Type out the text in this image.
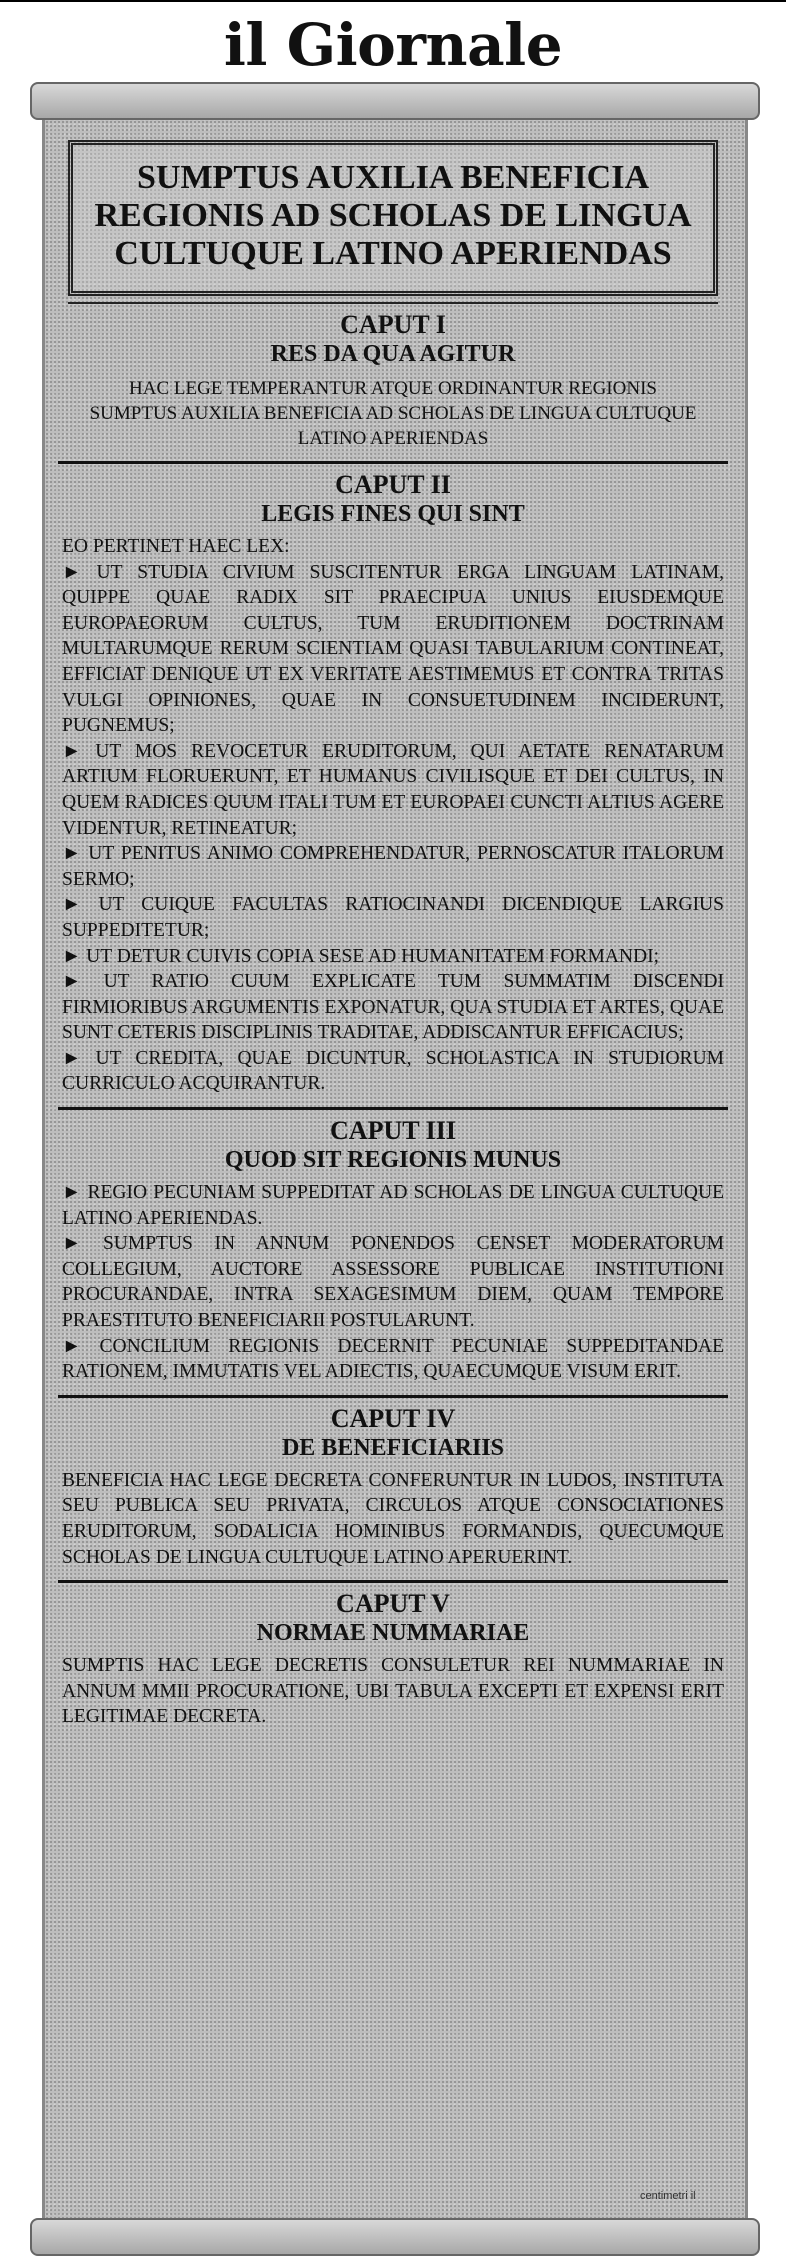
il Giornale
SUMPTUS AUXILIA BENEFICIA REGIONIS AD SCHOLAS DE LINGUA CULTUQUE LATINO APERIENDAS
CAPUT I
RES DA QUA AGITUR
HAC LEGE TEMPERANTUR ATQUE ORDINANTUR REGIONIS SUMPTUS AUXILIA BENEFICIA AD SCHOLAS DE LINGUA CULTUQUE LATINO APERIENDAS
CAPUT II
LEGIS FINES QUI SINT

EO PERTINET HAEC LEX:

► UT STUDIA CIVIUM SUSCITENTUR ERGA LINGUAM LATINAM, QUIPPE QUAE RADIX SIT PRAECIPUA UNIUS EIUSDEMQUE EUROPAEORUM CULTUS, TUM ERUDITIONEM DOCTRINAM MULTARUMQUE RERUM SCIENTIAM QUASI TABULARIUM CONTINEAT, EFFICIAT DENIQUE UT EX VERITATE AESTIMEMUS ET CONTRA TRITAS VULGI OPINIONES, QUAE IN CONSUETUDINEM INCIDERUNT, PUGNEMUS;

► UT MOS REVOCETUR ERUDITORUM, QUI AETATE RENATARUM ARTIUM FLORUERUNT, ET HUMANUS CIVILISQUE ET DEI CULTUS, IN QUEM RADICES QUUM ITALI TUM ET EUROPAEI CUNCTI ALTIUS AGERE VIDENTUR, RETINEATUR;

► UT PENITUS ANIMO COMPREHENDATUR, PERNOSCATUR ITALORUM SERMO;

► UT CUIQUE FACULTAS RATIOCINANDI DICENDIQUE LARGIUS SUPPEDITETUR;

► UT DETUR CUIVIS COPIA SESE AD HUMANITATEM FORMANDI;

► UT RATIO CUUM EXPLICATE TUM SUMMATIM DISCENDI FIRMIORIBUS ARGUMENTIS EXPONATUR, QUA STUDIA ET ARTES, QUAE SUNT CETERIS DISCIPLINIS TRADITAE, ADDISCANTUR EFFICACIUS;

► UT CREDITA, QUAE DICUNTUR, SCHOLASTICA IN STUDIORUM CURRICULO ACQUIRANTUR.

CAPUT III
QUOD SIT REGIONIS MUNUS

► REGIO PECUNIAM SUPPEDITAT AD SCHOLAS DE LINGUA CULTUQUE LATINO APERIENDAS.

► SUMPTUS IN ANNUM PONENDOS CENSET MODERATORUM COLLEGIUM, AUCTORE ASSESSORE PUBLICAE INSTITUTIONI PROCURANDAE, INTRA SEXAGESIMUM DIEM, QUAM TEMPORE PRAESTITUTO BENEFICIARII POSTULARUNT.

► CONCILIUM REGIONIS DECERNIT PECUNIAE SUPPEDITANDAE RATIONEM, IMMUTATIS VEL ADIECTIS, QUAECUMQUE VISUM ERIT.

CAPUT IV
DE BENEFICIARIIS

BENEFICIA HAC LEGE DECRETA CONFERUNTUR IN LUDOS, INSTITUTA SEU PUBLICA SEU PRIVATA, CIRCULOS ATQUE CONSOCIATIONES ERUDITORUM, SODALICIA HOMINIBUS FORMANDIS, QUECUMQUE SCHOLAS DE LINGUA CULTUQUE LATINO APERUERINT.

CAPUT V
NORMAE NUMMARIAE

SUMPTIS HAC LEGE DECRETIS CONSULETUR REI NUMMARIAE IN ANNUM MMII PROCURATIONE, UBI TABULA EXCEPTI ET EXPENSI ERIT LEGITIMAE DECRETA.

centimetri il
